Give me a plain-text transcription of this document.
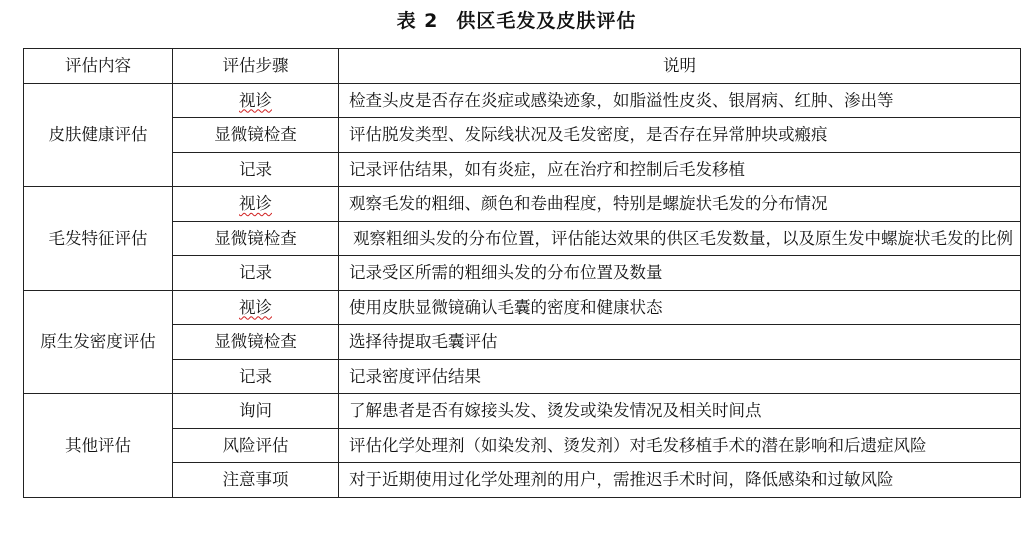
表 2 供区毛发及皮肤评估
评估内容	评估步骤	说明
皮肤健康评估	视诊	检查头皮是否存在炎症或感染迹象，如脂溢性皮炎、银屑病、红肿、渗出等
	显微镜检查	评估脱发类型、发际线状况及毛发密度，是否存在异常肿块或瘢痕
	记录	记录评估结果，如有炎症，应在治疗和控制后毛发移植
毛发特征评估	视诊	观察毛发的粗细、颜色和卷曲程度，特别是螺旋状毛发的分布情况
	显微镜检查	观察粗细头发的分布位置，评估能达效果的供区毛发数量，以及原生发中螺旋状毛发的比例
	记录	记录受区所需的粗细头发的分布位置及数量
原生发密度评估	视诊	使用皮肤显微镜确认毛囊的密度和健康状态
	显微镜检查	选择待提取毛囊评估
	记录	记录密度评估结果
其他评估	询问	了解患者是否有嫁接头发、烫发或染发情况及相关时间点
	风险评估	评估化学处理剂（如染发剂、烫发剂）对毛发移植手术的潜在影响和后遗症风险
	注意事项	对于近期使用过化学处理剂的用户，需推迟手术时间，降低感染和过敏风险
